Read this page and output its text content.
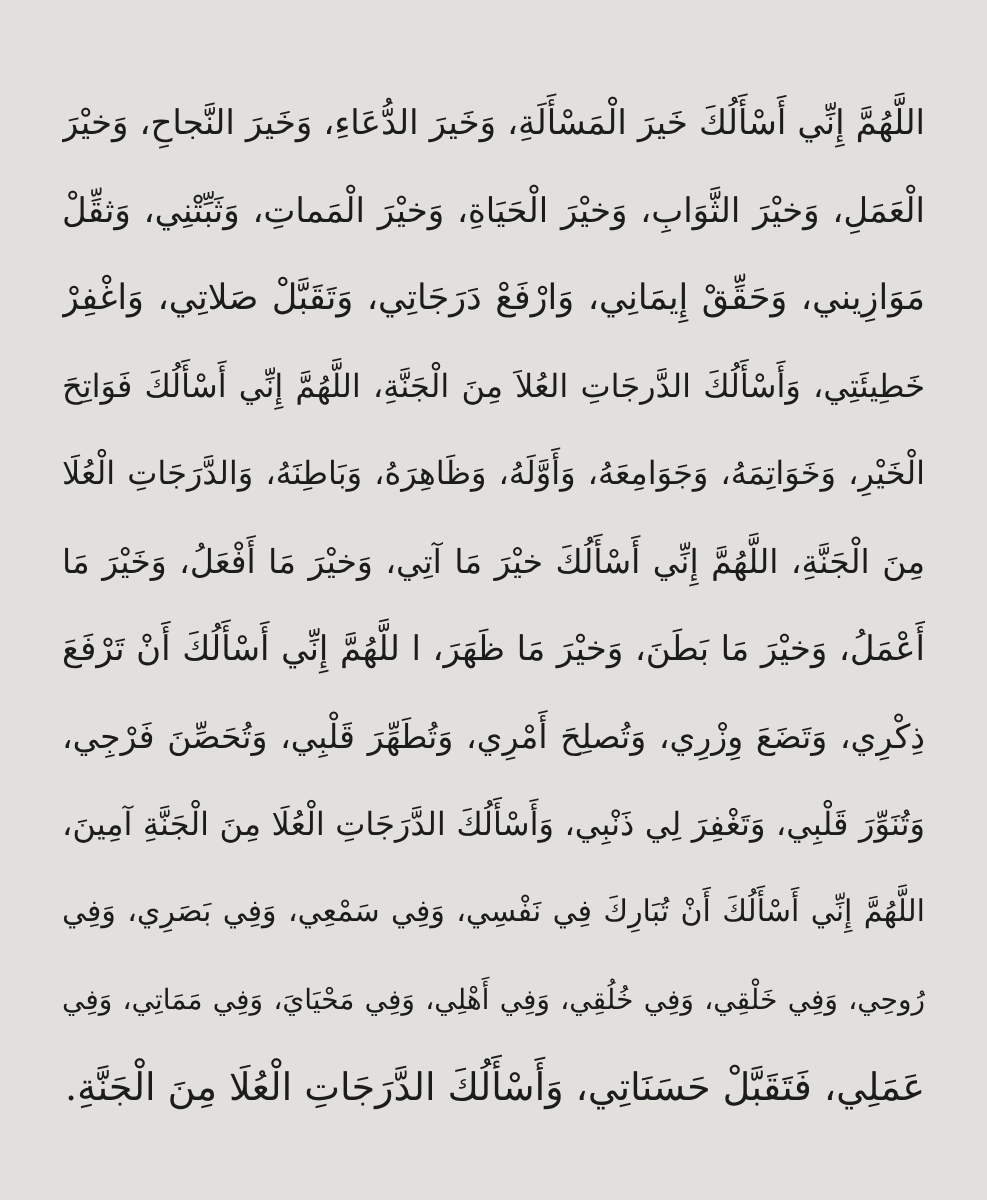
اللَّهُمَّ إِنِّي أَسْأَلُكَ خَيرَ الْمَسْأَلَةِ، وَخَيرَ الدُّعَاءِ، وَخَيرَ النَّجاحِ، وَخيْرَ
الْعَمَلِ، وَخيْرَ الثَّوَابِ، وَخيْرَ الْحَيَاةِ، وَخيْرَ الْمَماتِ، وَثَبِّتْنِي، وَثقِّلْ
مَوَازِيني، وَحَقِّقْ إِيمَانِي، وَارْفَعْ دَرَجَاتِي، وَتَقَبَّلْ صَلاتِي، وَاغْفِرْ
خَطِيئَتِي، وَأَسْأَلُكَ الدَّرجَاتِ العُلاَ مِنَ الْجَنَّةِ، اللَّهُمَّ إِنِّي أَسْأَلُكَ فَوَاتِحَ
الْخَيْرِ، وَخَوَاتِمَهُ، وَجَوَامِعَهُ، وَأَوَّلَهُ، وَظَاهِرَهُ، وَبَاطِنَهُ، وَالدَّرَجَاتِ الْعُلَا
مِنَ الْجَنَّةِ، اللَّهُمَّ إِنِّي أَسْأَلُكَ خيْرَ مَا آتِي، وَخيْرَ مَا أَفْعَلُ، وَخَيْرَ مَا
أَعْمَلُ، وَخيْرَ مَا بَطَنَ، وَخيْرَ مَا ظَهَرَ، ا للَّهُمَّ إِنِّي أَسْأَلُكَ أَنْ تَرْفَعَ
ذِكْرِي، وَتَضَعَ وِزْرِي، وَتُصلِحَ أَمْرِي، وَتُطَهِّرَ قَلْبِي، وَتُحَصِّنَ فَرْجِي،
وَتُنَوِّرَ قَلْبِي، وَتَغْفِرَ لِي ذَنْبِي، وَأَسْأَلُكَ الدَّرَجَاتِ الْعُلَا مِنَ الْجَنَّةِ آمِينَ،
اللَّهُمَّ إِنِّي أَسْأَلُكَ أَنْ تُبَارِكَ فِي نَفْسِي، وَفِي سَمْعِي، وَفِي بَصَرِي، وَفِي
رُوحِي، وَفِي خَلْقِي، وَفِي خُلُقِي، وَفِي أَهْلِي، وَفِي مَحْيَايَ، وَفِي مَمَاتِي، وَفِي
عَمَلِي، فَتَقَبَّلْ حَسَنَاتِي، وَأَسْأَلُكَ الدَّرَجَاتِ الْعُلَا مِنَ الْجَنَّةِ.
